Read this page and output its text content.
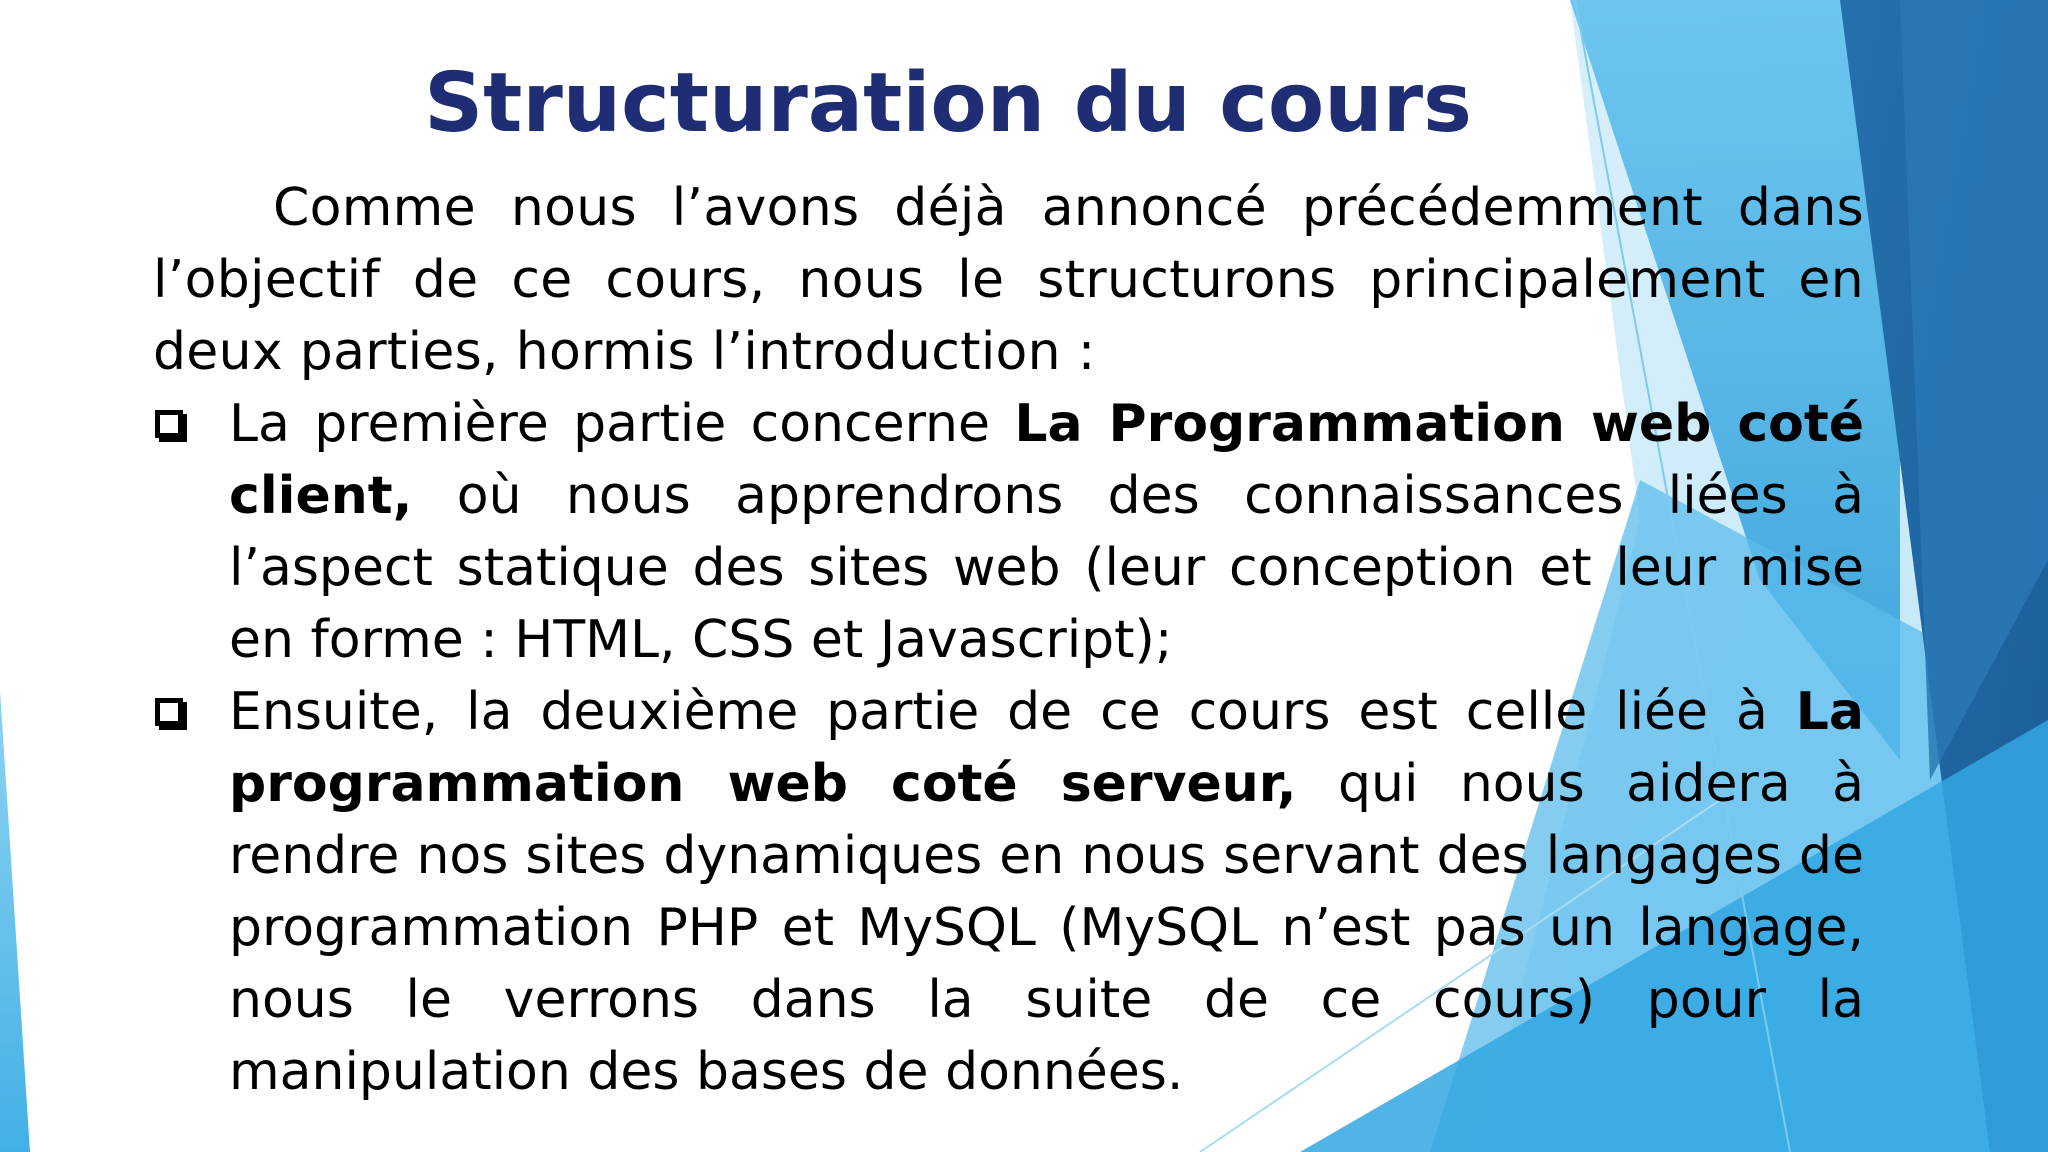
Structuration du cours

Comme nous l’avons déjà annoncé précédemment dans l’objectif de ce cours, nous le structurons principalement en deux parties, hormis l’introduction :

La première partie concerne La Programmation web coté client, où nous apprendrons des connaissances liées à l’aspect statique des sites web (leur conception et leur mise en forme : HTML, CSS et Javascript);
Ensuite, la deuxième partie de ce cours est celle liée à La programmation web coté serveur, qui nous aidera à rendre nos sites dynamiques en nous servant des langages de programmation PHP et MySQL (MySQL n’est pas un langage, nous le verrons dans la suite de ce cours) pour la manipulation des bases de données.
